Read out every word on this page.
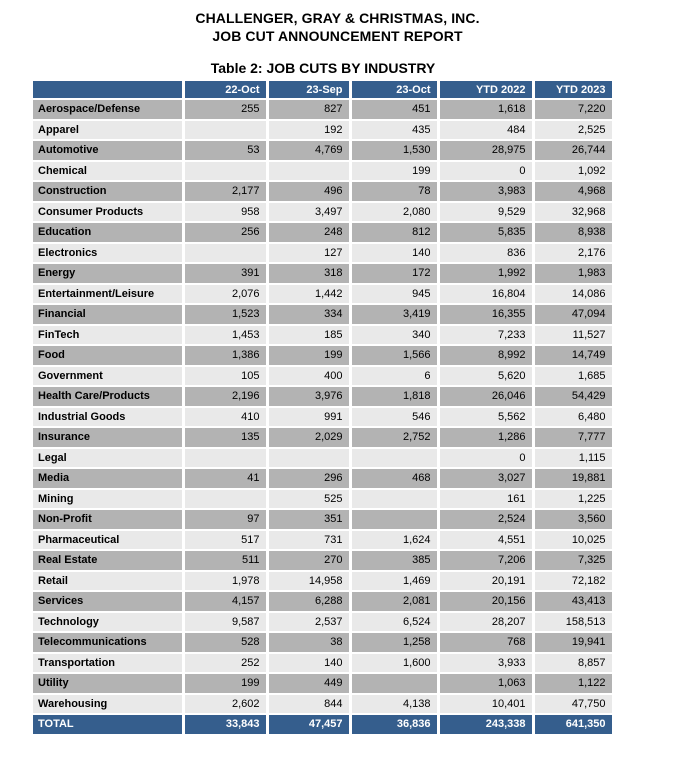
CHALLENGER, GRAY & CHRISTMAS, INC.
JOB CUT ANNOUNCEMENT REPORT
Table 2: JOB CUTS BY INDUSTRY
	22-Oct	23-Sep	23-Oct	YTD 2022	YTD 2023
Aerospace/Defense	255	827	451	1,618	7,220
Apparel		192	435	484	2,525
Automotive	53	4,769	1,530	28,975	26,744
Chemical			199	0	1,092
Construction	2,177	496	78	3,983	4,968
Consumer Products	958	3,497	2,080	9,529	32,968
Education	256	248	812	5,835	8,938
Electronics		127	140	836	2,176
Energy	391	318	172	1,992	1,983
Entertainment/Leisure	2,076	1,442	945	16,804	14,086
Financial	1,523	334	3,419	16,355	47,094
FinTech	1,453	185	340	7,233	11,527
Food	1,386	199	1,566	8,992	14,749
Government	105	400	6	5,620	1,685
Health Care/Products	2,196	3,976	1,818	26,046	54,429
Industrial Goods	410	991	546	5,562	6,480
Insurance	135	2,029	2,752	1,286	7,777
Legal				0	1,115
Media	41	296	468	3,027	19,881
Mining		525		161	1,225
Non-Profit	97	351		2,524	3,560
Pharmaceutical	517	731	1,624	4,551	10,025
Real Estate	511	270	385	7,206	7,325
Retail	1,978	14,958	1,469	20,191	72,182
Services	4,157	6,288	2,081	20,156	43,413
Technology	9,587	2,537	6,524	28,207	158,513
Telecommunications	528	38	1,258	768	19,941
Transportation	252	140	1,600	3,933	8,857
Utility	199	449		1,063	1,122
Warehousing	2,602	844	4,138	10,401	47,750
TOTAL	33,843	47,457	36,836	243,338	641,350
